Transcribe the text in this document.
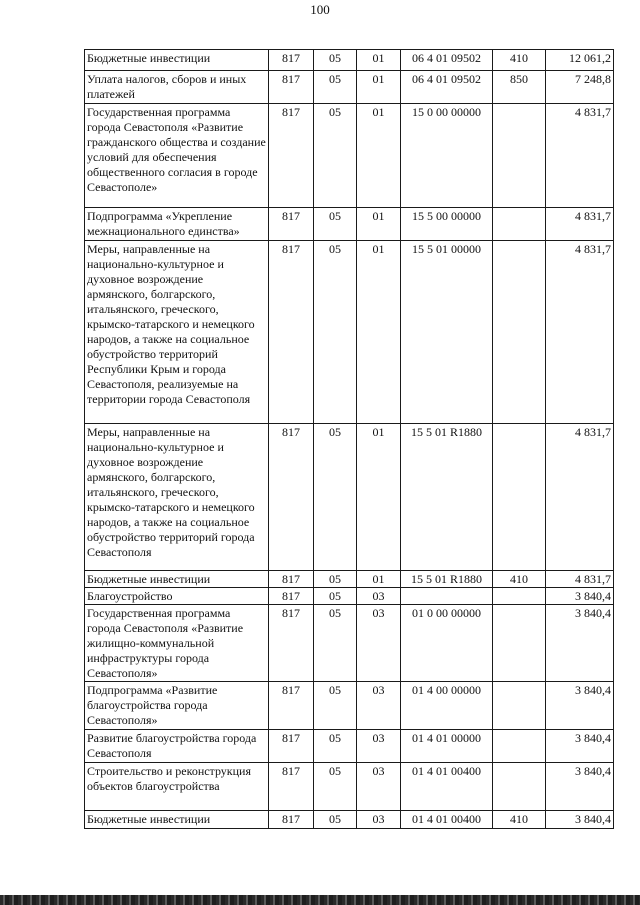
100
Бюджетные инвестиции	817	05	01	06 4 01 09502	410	12 061,2
Уплата налогов, сборов и иных платежей	817	05	01	06 4 01 09502	850	7 248,8
Государственная программа города Севастополя «Развитие гражданского общества и создание условий для обеспечения общественного согласия в городе Севастополе»	817	05	01	15 0 00 00000		4 831,7
Подпрограмма «Укрепление межнационального единства»	817	05	01	15 5 00 00000		4 831,7
Меры, направленные на национально-культурное и духовное возрождение армянского, болгарского, итальянского, греческого, крымско-татарского и немецкого народов, а также на социальное обустройство территорий Республики Крым и города Севастополя, реализуемые на территории города Севастополя	817	05	01	15 5 01 00000		4 831,7
Меры, направленные на национально-культурное и духовное возрождение армянского, болгарского, итальянского, греческого, крымско-татарского и немецкого народов, а также на социальное обустройство территорий города Севастополя	817	05	01	15 5 01 R1880		4 831,7
Бюджетные инвестиции	817	05	01	15 5 01 R1880	410	4 831,7
Благоустройство	817	05	03			3 840,4
Государственная программа города Севастополя «Развитие жилищно-коммунальной инфраструктуры города Севастополя»	817	05	03	01 0 00 00000		3 840,4
Подпрограмма «Развитие благоустройства города Севастополя»	817	05	03	01 4 00 00000		3 840,4
Развитие благоустройства города Севастополя	817	05	03	01 4 01 00000		3 840,4
Строительство и реконструкция объектов благоустройства	817	05	03	01 4 01 00400		3 840,4
Бюджетные инвестиции	817	05	03	01 4 01 00400	410	3 840,4
